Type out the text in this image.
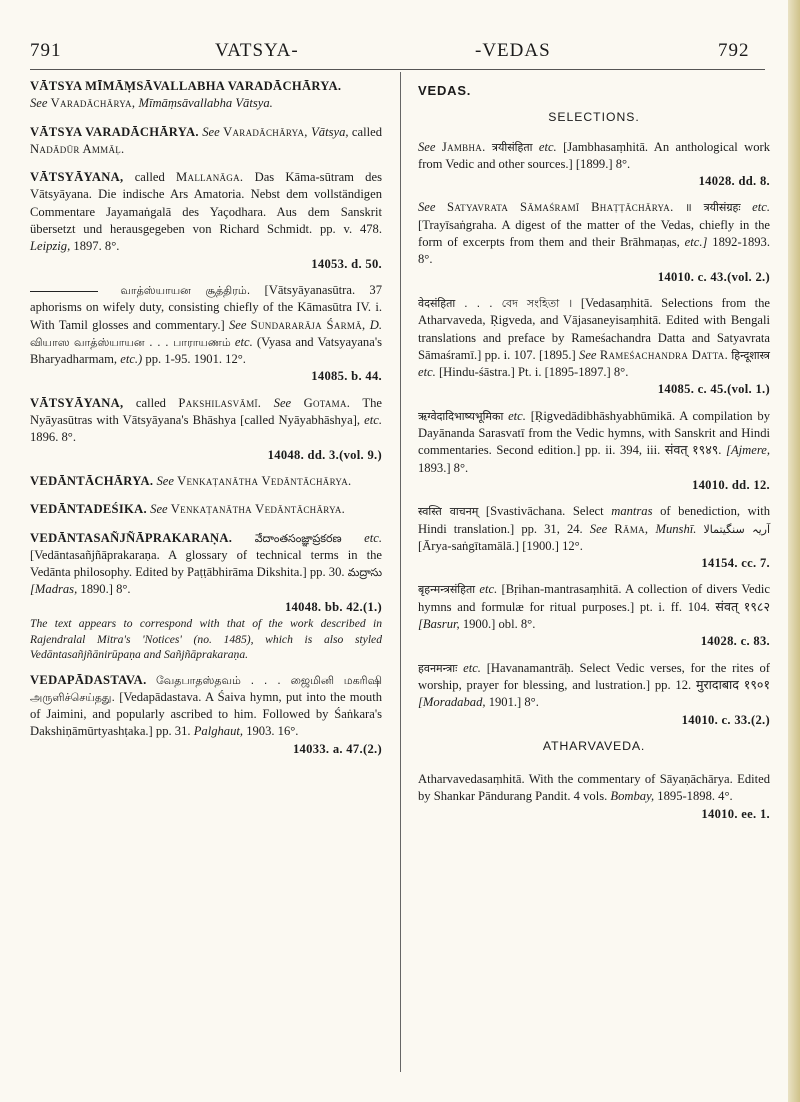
791	VATSYA-	-VEDAS	792

VĀTSYA MĪMĀṂSĀVALLABHA VARADĀCHĀRYA.
See Varadāchārya, Mīmāṃsāvallabha Vātsya.

VĀTSYA VARADĀCHĀRYA. See Varadāchārya, Vātsya, called Nadādūr Ammāḷ.

VĀTSYĀYANA, called Mallanāga. Das Kāma-sūtram des Vātsyāyana. Die indische Ars Amatoria. Nebst dem vollständigen Commentare Jayamaṅgalā des Yaçodhara. Aus dem Sanskrit übersetzt und herausgegeben von Richard Schmidt. pp. v. 478. Leipzig, 1897. 8°.
14053. d. 50.

வாத்ஸ்யாயன சூத்திரம். [Vātsyāyanasūtra. 37 aphorisms on wifely duty, consisting chiefly of the Kāmasūtra IV. i. With Tamil glosses and commentary.] See Sundararāja Śarmā, D. வியாஸ வாத்ஸ்யாயன . . . பாராயணம் etc. (Vyasa and Vatsyayana's Bharyadharmam, etc.) pp. 1-95. 1901. 12°.
14085. b. 44.

VĀTSYĀYANA, called Pakshilasvāmī. See Gotama. The Nyāyasūtras with Vātsyāyana's Bhāshya [called Nyāyabhāshya], etc. 1896. 8°.
14048. dd. 3.(vol. 9.)

VEDĀNTĀCHĀRYA. See Venkaṭanātha Vedāntāchārya.

VEDĀNTADEŚIKA. See Venkaṭanātha Vedāntāchārya.

VEDĀNTASAÑJÑĀPRAKARAṆA. వేదాంతసంజ్ఞాప్రకరణ etc. [Vedāntasañjñāprakaraṇa. A glossary of technical terms in the Vedānta philosophy. Edited by Paṭṭābhirāma Dikshita.] pp. 30. మద్రాసు [Madras, 1890.] 8°.
14048. bb. 42.(1.)

The text appears to correspond with that of the work described in Rajendralal Mitra's 'Notices' (no. 1485), which is also styled Vedāntasañjñānirūpaṇa and Sañjñāprakaraṇa.

VEDAPĀDASTAVA. வேதபாதஸ்தவம் . . . ஜைமினி மகரிஷி அருளிச்செய்தது. [Vedapādastava. A Śaiva hymn, put into the mouth of Jaimini, and popularly ascribed to him. Followed by Śaṅkara's Dakshiṇāmūrtyashṭaka.] pp. 31. Palghaut, 1903. 16°.
14033. a. 47.(2.)

VEDAS.
SELECTIONS.

See Jambha. त्रयीसंहिता etc. [Jambhasaṃhitā. An anthological work from Vedic and other sources.] [1899.] 8°.
14028. dd. 8.

See Satyavrata Sāmaśramī Bhaṭṭāchārya. ॥ त्रयीसंग्रहः etc. [Trayīsaṅgraha. A digest of the matter of the Vedas, chiefly in the form of excerpts from them and their Brāhmaṇas, etc.] 1892-1893. 8°.
14010. c. 43.(vol. 2.)

वेदसंहिता . . . বেদ সংহিতা । [Vedasaṃhitā. Selections from the Atharvaveda, Ṛigveda, and Vājasaneyisaṃhitā. Edited with Bengali translations and preface by Rameśachandra Datta and Satyavrata Sāmaśramī.] pp. i. 107. [1895.] See Rameśachandra Datta. हिन्दूशास्त्र etc. [Hindu-śāstra.] Pt. i. [1895-1897.] 8°.
14085. c. 45.(vol. 1.)

ऋग्वेदादिभाष्यभूमिका etc. [Ṛigvedādibhāshyabhūmikā. A compilation by Dayānanda Sarasvatī from the Vedic hymns, with Sanskrit and Hindi commentaries. Second edition.] pp. ii. 394, iii. संवत् १९४९. [Ajmere, 1893.] 8°.
14010. dd. 12.

स्वस्ति वाचनम् [Svastivāchana. Select mantras of benediction, with Hindi translation.] pp. 31, 24. See Rāma, Munshī. آریہ سنگیتمالا [Ārya-saṅgītamālā.] [1900.] 12°.
14154. cc. 7.

बृहन्मन्त्रसंहिता etc. [Bṛihan-mantrasaṃhitā. A collection of divers Vedic hymns and formulæ for ritual purposes.] pt. i. ff. 104. संवत् १९८२ [Basrur, 1900.] obl. 8°.
14028. c. 83.

हवनमन्त्राः etc. [Havanamantrāḥ. Select Vedic verses, for the rites of worship, prayer for blessing, and lustration.] pp. 12. मुरादाबाद १९०१ [Moradabad, 1901.] 8°.
14010. c. 33.(2.)

ATHARVAVEDA.

Atharvavedasaṃhitā. With the commentary of Sāyaṇāchārya. Edited by Shankar Pāndurang Pandit. 4 vols. Bombay, 1895-1898. 4°.
14010. ee. 1.
